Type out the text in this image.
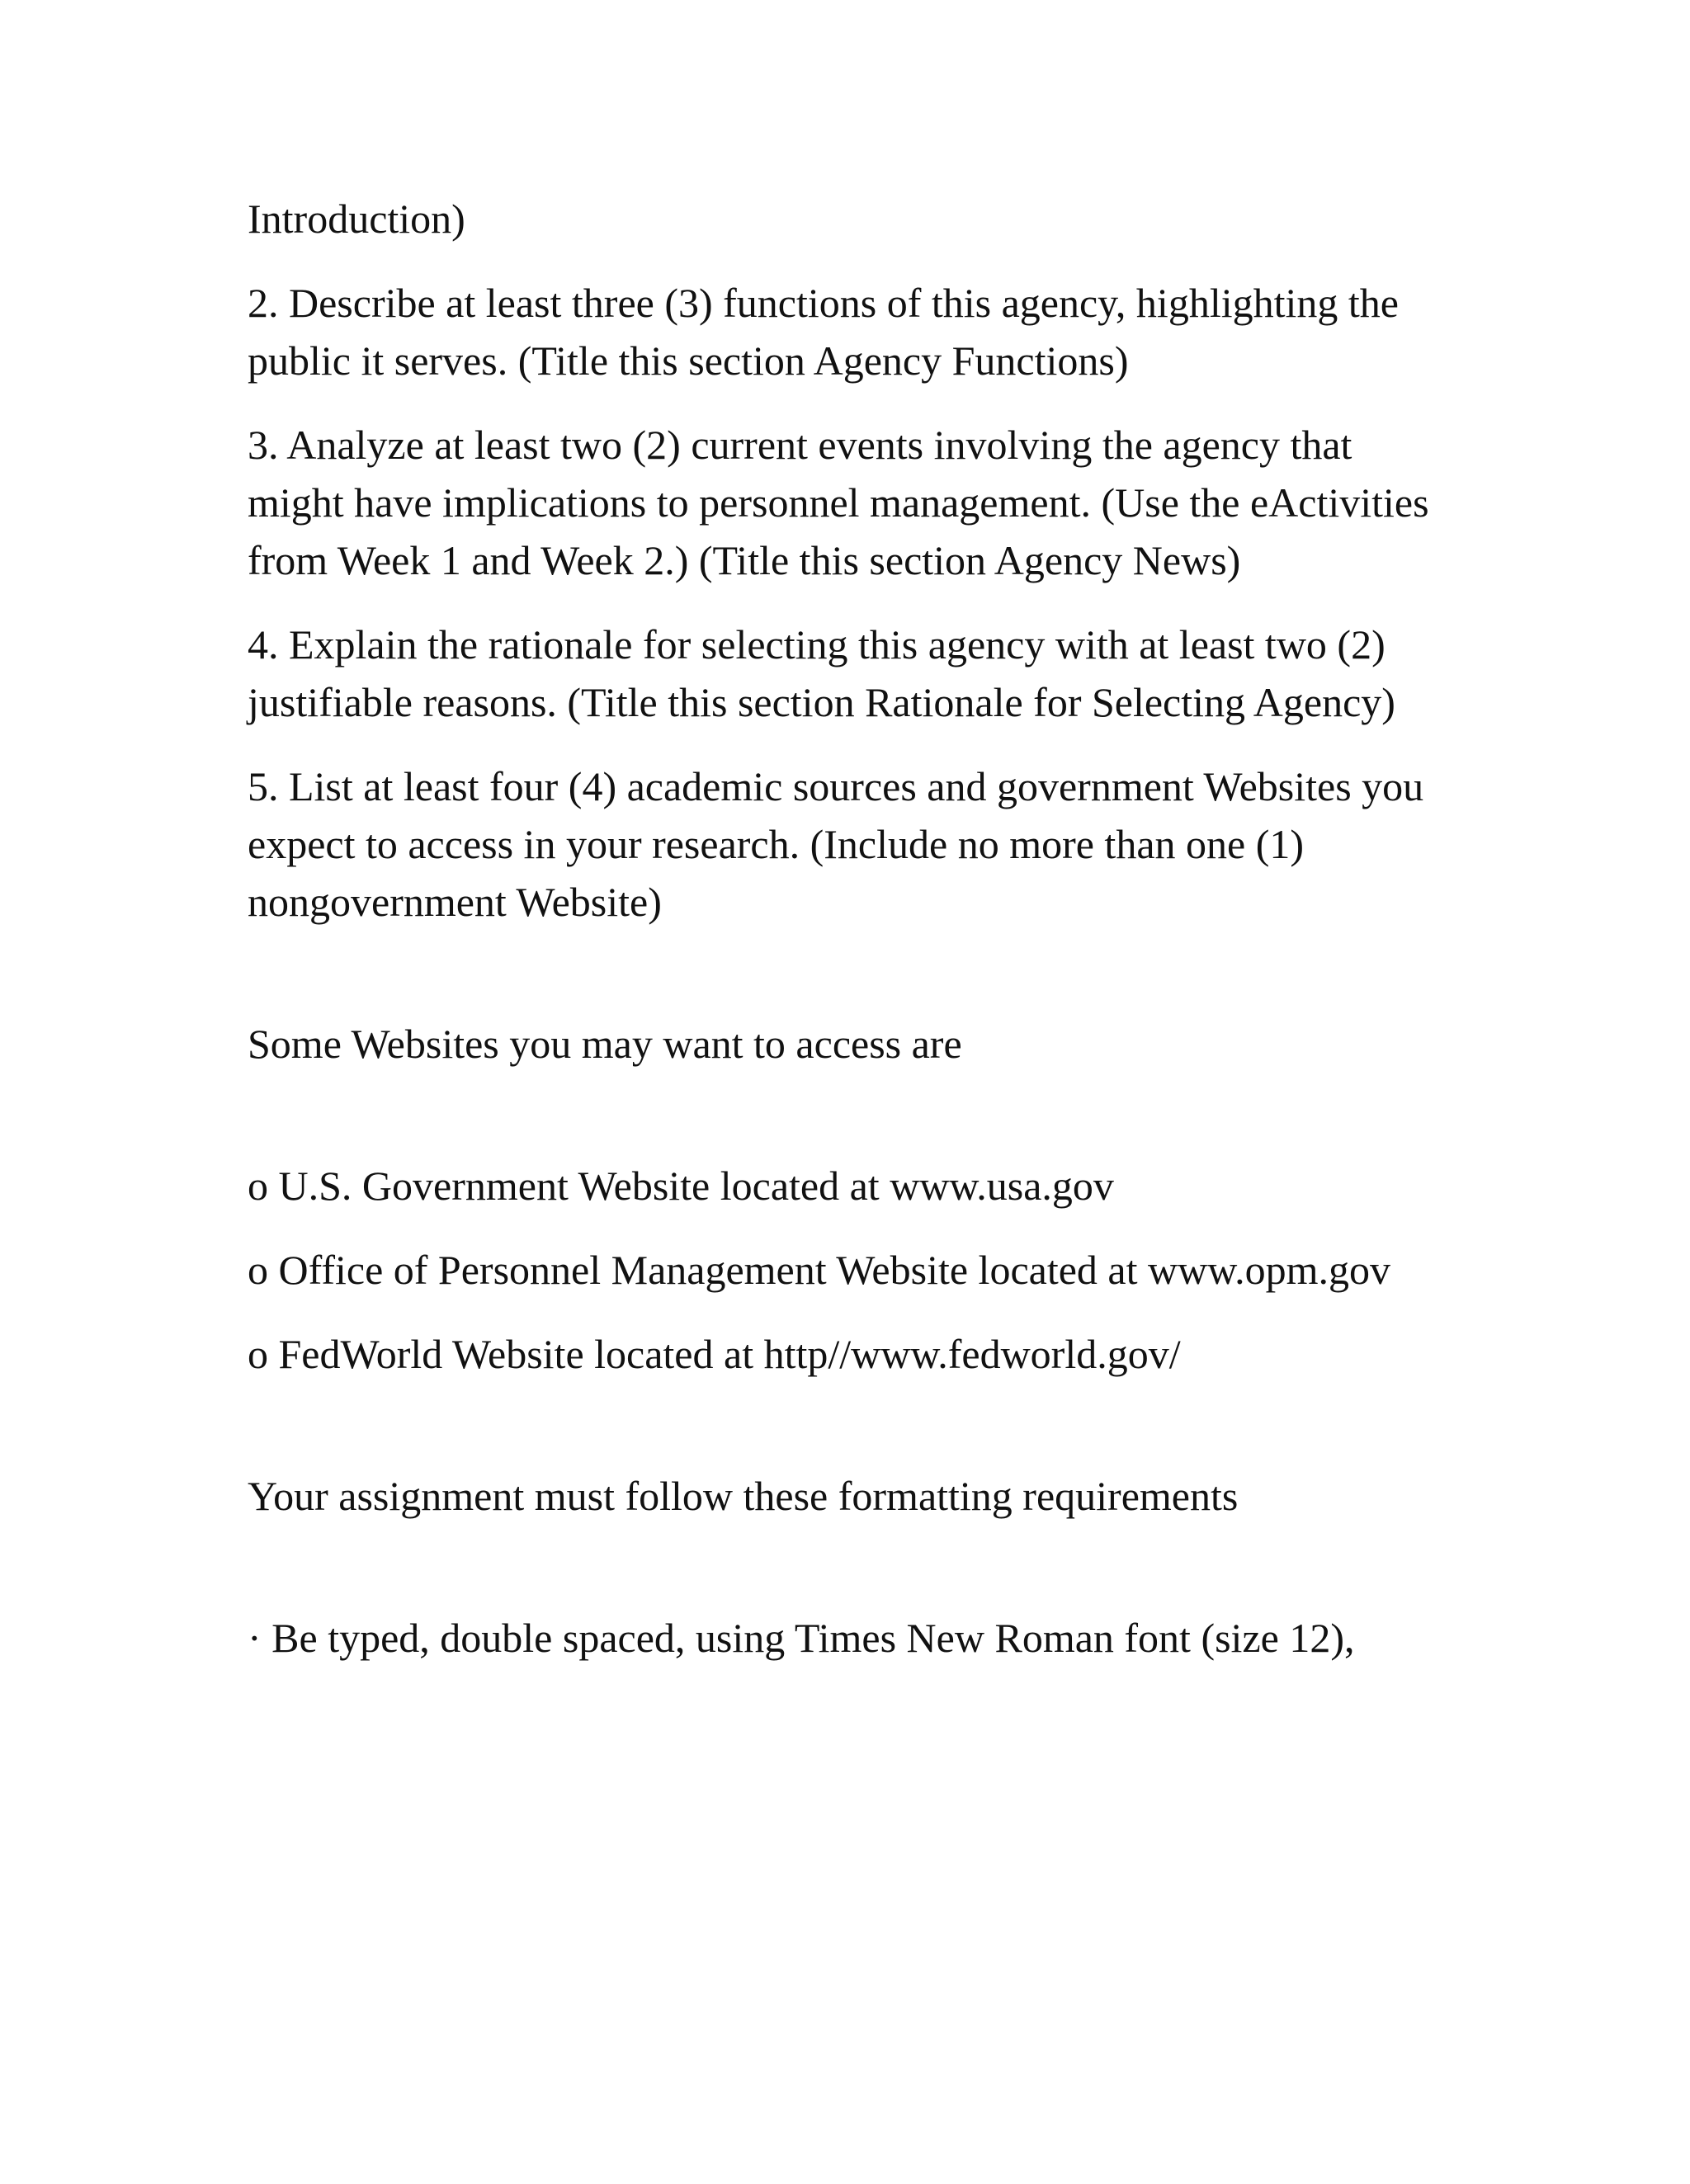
Introduction)

2. Describe at least three (3) functions of this agency, highlighting the public it serves. (Title this section Agency Functions)

3. Analyze at least two (2) current events involving the agency that might have implications to personnel management. (Use the eActivities from Week 1 and Week 2.) (Title this section Agency News)

4. Explain the rationale for selecting this agency with at least two (2) justifiable reasons. (Title this section Rationale for Selecting Agency)

5. List at least four (4) academic sources and government Websites you expect to access in your research. (Include no more than one (1) nongovernment Website)

Some Websites you may want to access are

o U.S. Government Website located at www.usa.gov

o Office of Personnel Management Website located at www.opm.gov

o FedWorld Website located at http//www.fedworld.gov/

Your assignment must follow these formatting requirements

· Be typed, double spaced, using Times New Roman font (size 12),
